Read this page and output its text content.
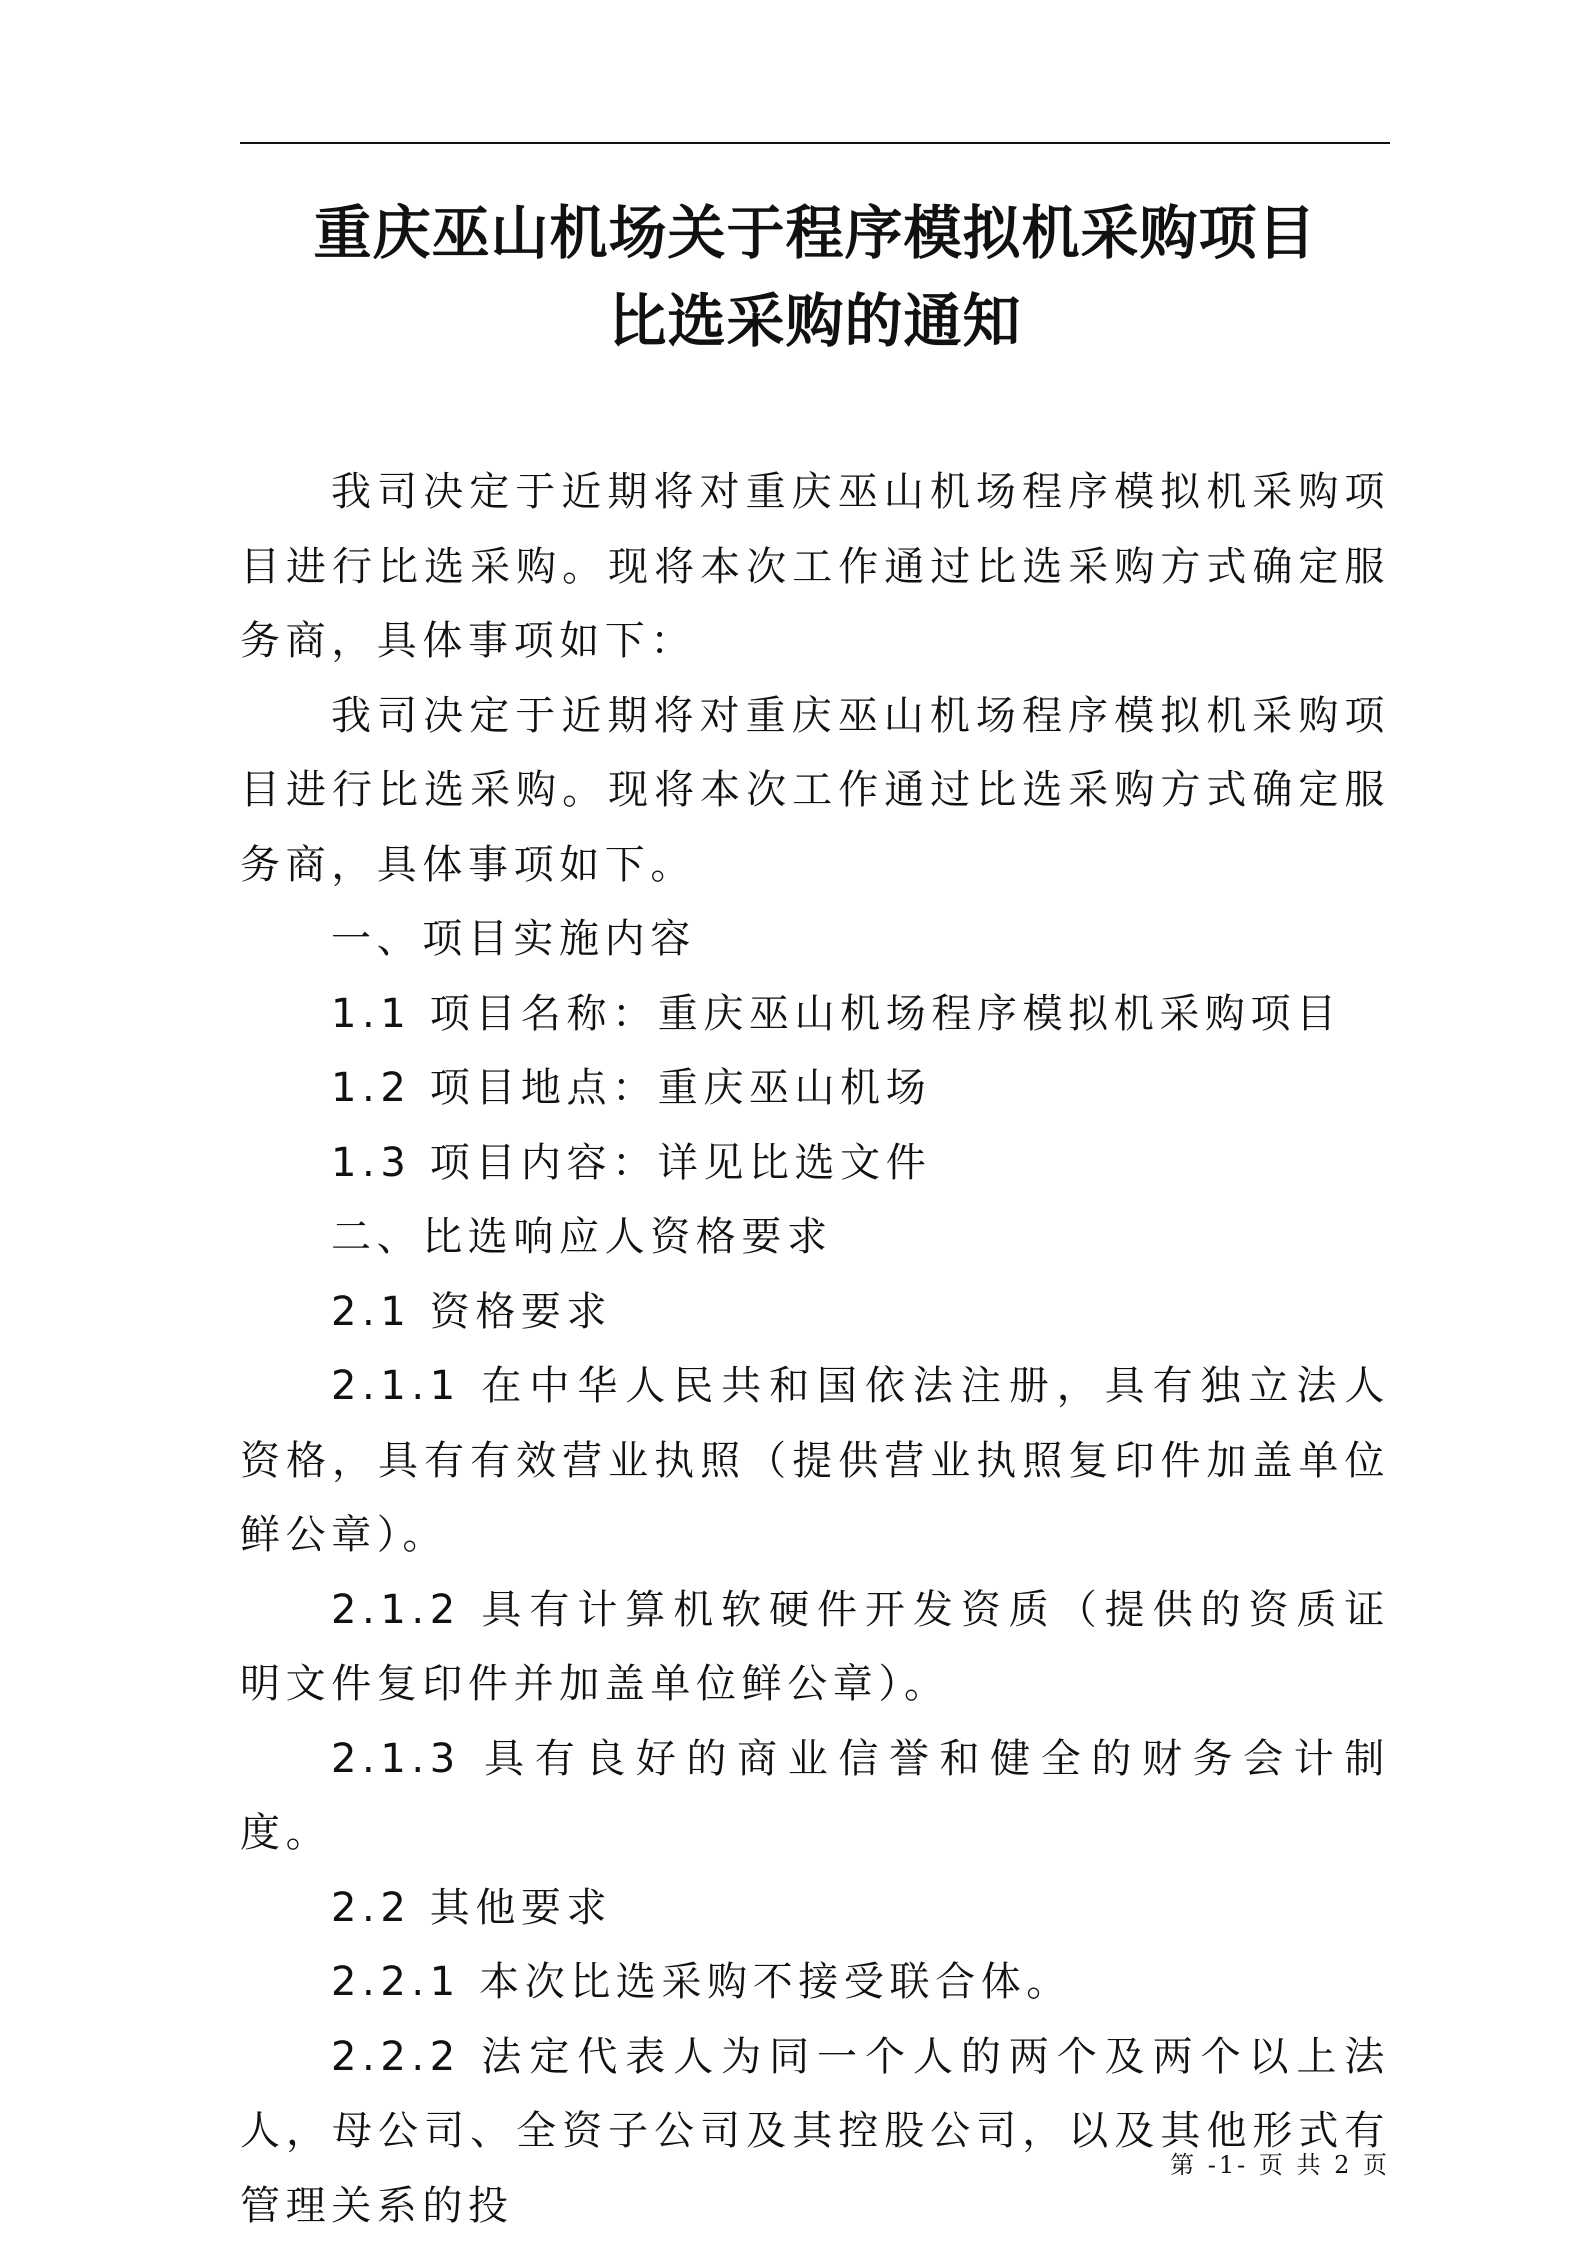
重庆巫山机场关于程序模拟机采购项目
比选采购的通知

我司决定于近期将对重庆巫山机场程序模拟机采购项目进行比选采购。现将本次工作通过比选采购方式确定服务商，具体事项如下：

我司决定于近期将对重庆巫山机场程序模拟机采购项目进行比选采购。现将本次工作通过比选采购方式确定服务商，具体事项如下。

一、项目实施内容

1.1 项目名称：重庆巫山机场程序模拟机采购项目

1.2 项目地点：重庆巫山机场

1.3 项目内容：详见比选文件

二、比选响应人资格要求

2.1 资格要求

2.1.1 在中华人民共和国依法注册，具有独立法人资格，具有有效营业执照（提供营业执照复印件加盖单位鲜公章）。

2.1.2 具有计算机软硬件开发资质（提供的资质证明文件复印件并加盖单位鲜公章）。

2.1.3 具有良好的商业信誉和健全的财务会计制度。

2.2 其他要求

2.2.1 本次比选采购不接受联合体。

2.2.2 法定代表人为同一个人的两个及两个以上法人，母公司、全资子公司及其控股公司，以及其他形式有管理关系的投

第 -1- 页 共 2 页
